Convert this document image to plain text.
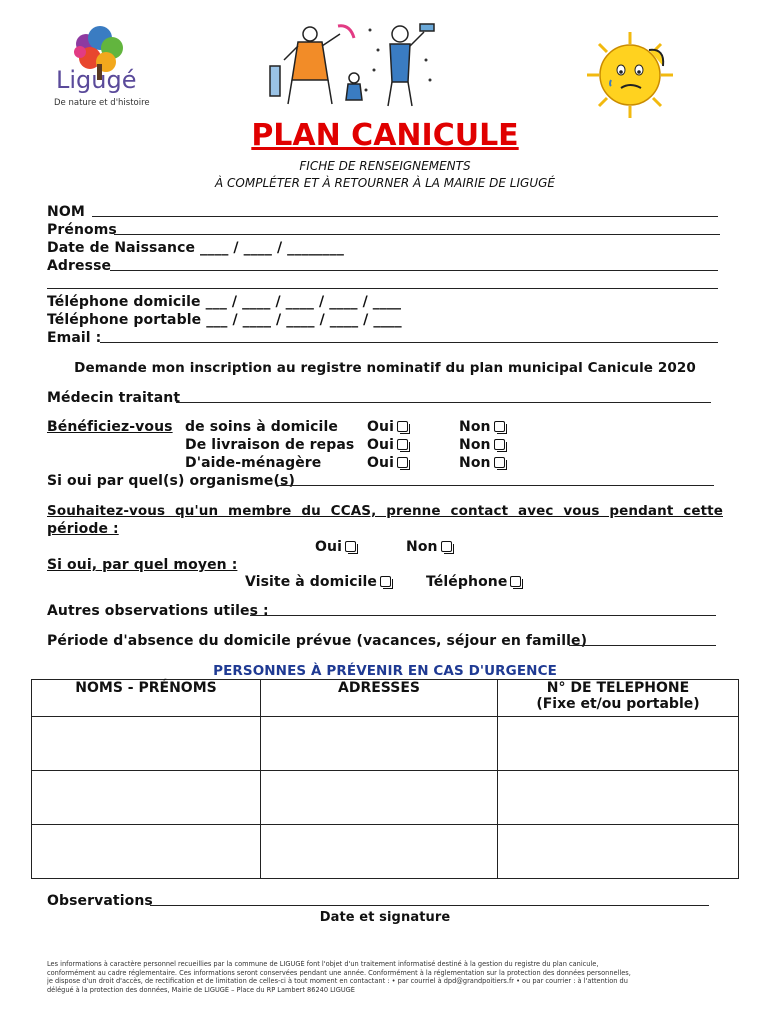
Ligugé
De nature et d'histoire
PLAN CANICULE
FICHE DE RENSEIGNEMENTS
À COMPLÉTER ET À RETOURNER À LA MAIRIE DE LIGUGÉ
NOM
Prénoms
Date de Naissance ____ / ____ / ________
Adresse
Téléphone domicile ___ / ____ / ____ / ____ / ____
Téléphone portable ___ / ____ / ____ / ____ / ____
Email :
Demande mon inscription au registre nominatif du plan municipal Canicule 2020
Médecin traitant
Bénéficiez-vous de soins à domicile Oui	Non
De livraison de repas Oui	Non
D'aide-ménagère	Oui	Non
Si oui par quel(s) organisme(s)
Souhaitez-vous qu'un membre du CCAS, prenne contact avec vous pendant cette
période :
Oui	Non
Si oui, par quel moyen :
Visite à domicile	Téléphone
Autres observations utiles :
Période d'absence du domicile prévue (vacances, séjour en famille)
PERSONNES À PRÉVENIR EN CAS D'URGENCE
NOMS - PRÉNOMS	ADRESSES	N° DE TELEPHONE
(Fixe et/ou portable)

Observations
Date et signature
Les informations à caractère personnel recueillies par la commune de LIGUGÉ font l'objet d'un traitement informatisé destiné à la gestion du registre du plan canicule,
conformément au cadre réglementaire. Ces informations seront conservées pendant une année. Conformément à la réglementation sur la protection des données personnelles,
je dispose d'un droit d'accès, de rectification et de limitation de celles-ci à tout moment en contactant : • par courriel à dpd@grandpoitiers.fr • ou par courrier : à l'attention du
délégué à la protection des données, Mairie de LIGUGÉ – Place du RP Lambert 86240 LIGUGÉ
